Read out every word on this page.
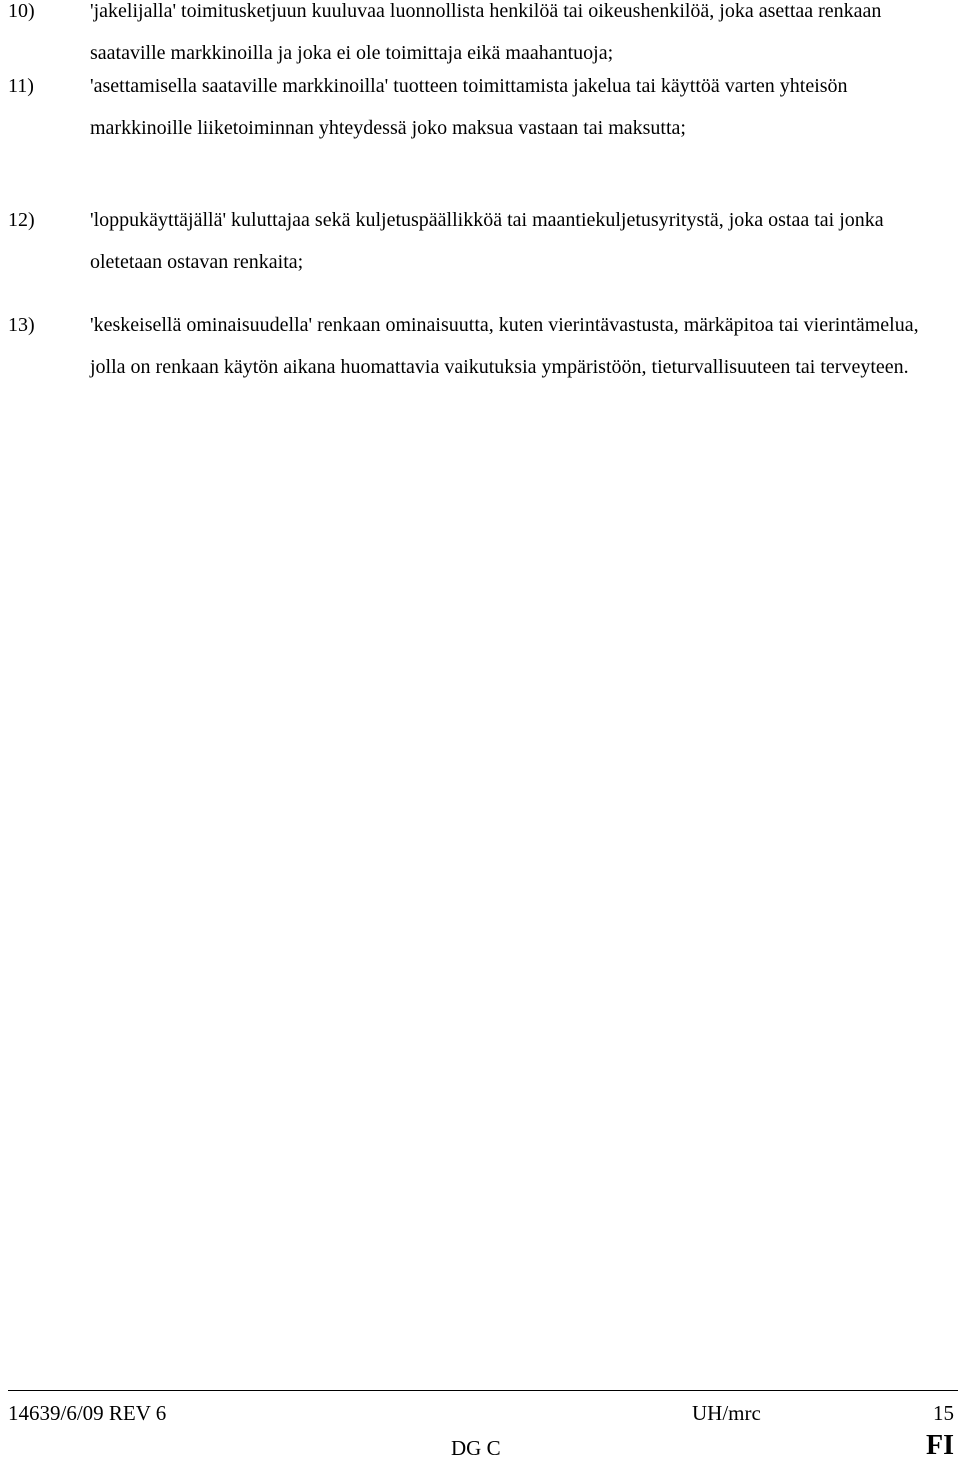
10)	'jakelijalla' toimitusketjuun kuuluvaa luonnollista henkilöä tai oikeushenkilöä, joka asettaa renkaan saataville markkinoilla ja joka ei ole toimittaja eikä maahantuoja;
11)	'asettamisella saataville markkinoilla' tuotteen toimittamista jakelua tai käyttöä varten yhteisön markkinoille liiketoiminnan yhteydessä joko maksua vastaan tai maksutta;
12)	'loppukäyttäjällä' kuluttajaa sekä kuljetuspäällikköä tai maantiekuljetusyritystä, joka ostaa tai jonka oletetaan ostavan renkaita;
13)	'keskeisellä ominaisuudella' renkaan ominaisuutta, kuten vierintävastusta, märkäpitoa tai vierintämelua, jolla on renkaan käytön aikana huomattavia vaikutuksia ympäristöön, tieturvallisuuteen tai terveyteen.
14639/6/09 REV 6	UH/mrc	15
DG C	FI
